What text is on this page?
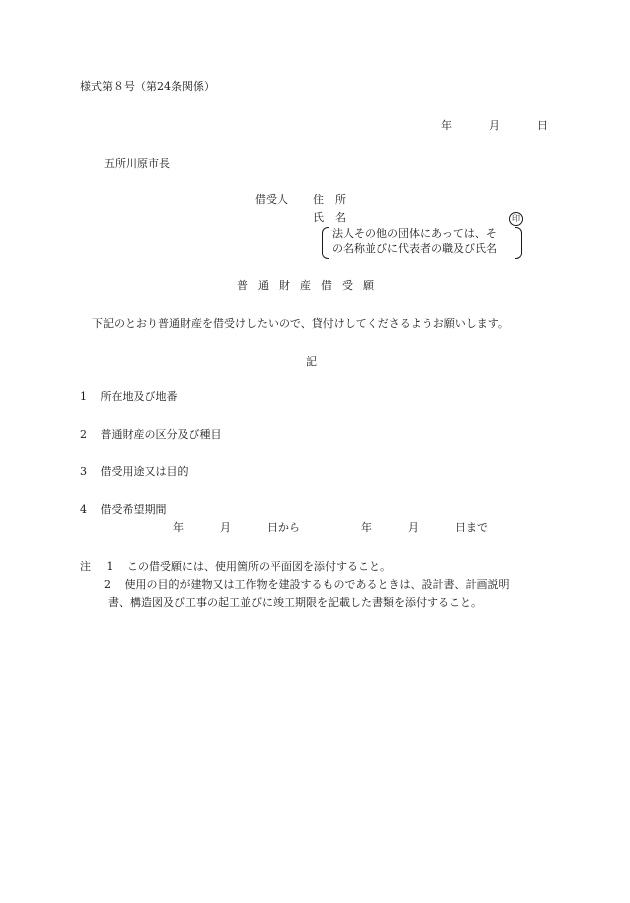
様式第８号（第24条関係）
年	月	日
五所川原市長
借受人 住　所
氏　名	印
法人その他の団体にあっては、そ
の名称並びに代表者の職及び氏名
普通財産借受願
下記のとおり普通財産を借受けしたいので、貸付けしてくださるようお願いします。
記
1 所在地及び地番
2 普通財産の区分及び種目
3 借受用途又は目的
4 借受希望期間
年	月	日から	年	月	日まで
注 1 この借受願には、使用箇所の平面図を添付すること。
2 使用の目的が建物又は工作物を建設するものであるときは、設計書、計画説明
書、構造図及び工事の起工並びに竣工期限を記載した書類を添付すること。
